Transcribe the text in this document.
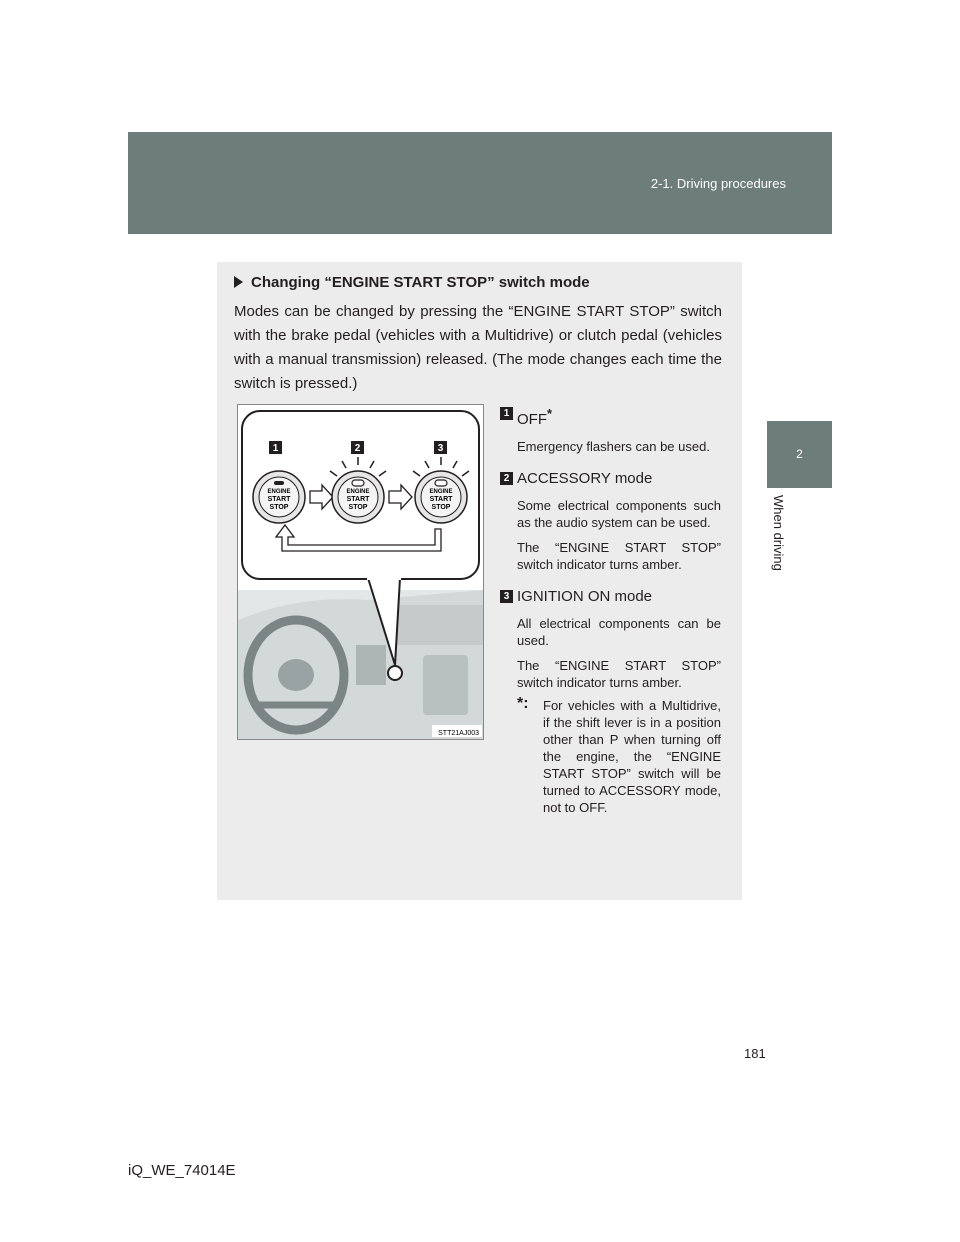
2-1. Driving procedures
2
When driving
Changing “ENGINE START STOP” switch mode
Modes can be changed by pressing the “ENGINE START STOP” switch with the brake pedal (vehicles with a Multidrive) or clutch pedal (vehicles with a manual transmission) released. (The mode changes each time the switch is pressed.)
1	2	3
ENGINE
START
STOP
ENGINE
START
STOP
ENGINE
START
STOP
STT21AJ003
1 OFF*
Emergency flashers can be used.
2 ACCESSORY mode
Some electrical components such as the audio system can be used.
The “ENGINE START STOP” switch indicator turns amber.
3 IGNITION ON mode
All electrical components can be used.
The “ENGINE START STOP” switch indicator turns amber.
*: For vehicles with a Multidrive, if the shift lever is in a position other than P when turning off the engine, the “ENGINE START STOP” switch will be turned to ACCESSORY mode, not to OFF.
181
iQ_WE_74014E
